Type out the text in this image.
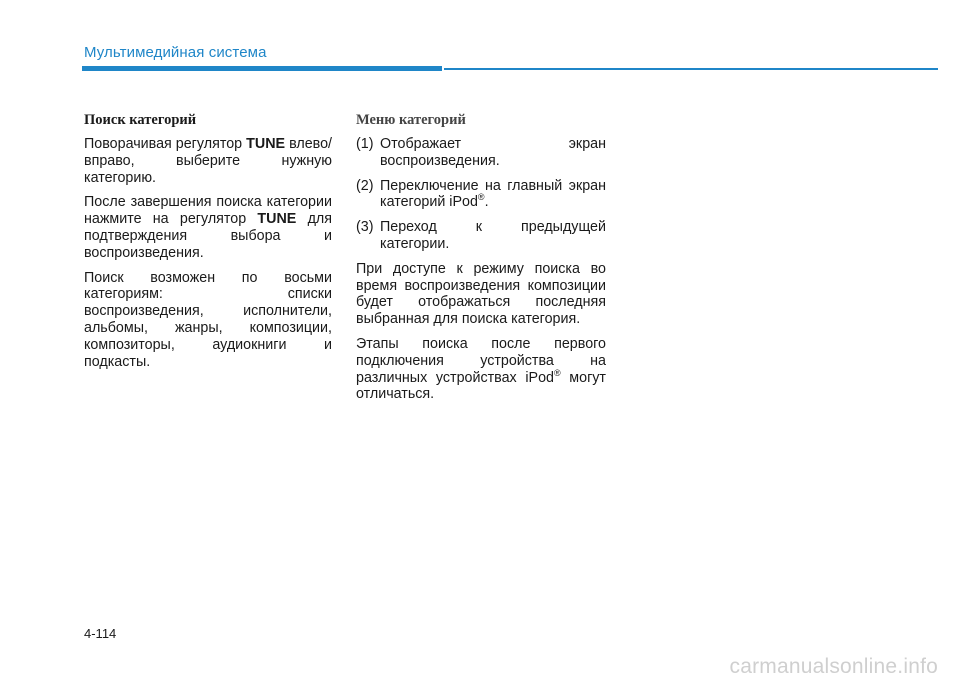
Мультимедийная система
Поиск категорий

Поворачивая регулятор TUNE влево/вправо, выберите нужную категорию.

После завершения поиска категории нажмите на регулятор TUNE для подтверждения выбора и воспроизведения.

Поиск возможен по восьми категориям: списки воспроизведения, исполнители, альбомы, жанры, композиции, композиторы, аудиокниги и подкасты.

Меню категорий
(1) Отображает экран воспроизведения.
(2) Переключение на главный экран категорий iPod®.
(3) Переход к предыдущей категории.

При доступе к режиму поиска во время воспроизведения композиции будет отображаться последняя выбранная для поиска категория.

Этапы поиска после первого подключения устройства на различных устройствах iPod® могут отличаться.

4-114
carmanualsonline.info
